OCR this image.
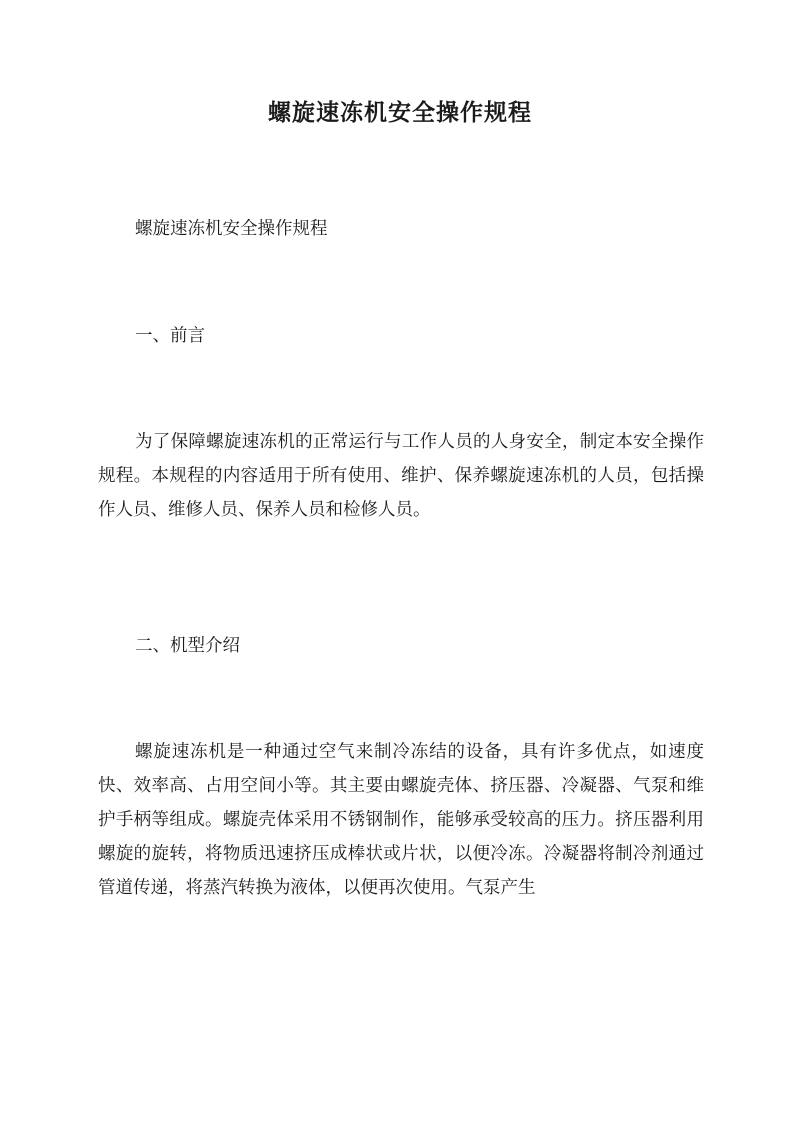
螺旋速冻机安全操作规程

螺旋速冻机安全操作规程

一、前言

为了保障螺旋速冻机的正常运行与工作人员的人身安全，制定本安全操作规程。本规程的内容适用于所有使用、维护、保养螺旋速冻机的人员，包括操作人员、维修人员、保养人员和检修人员。

二、机型介绍

螺旋速冻机是一种通过空气来制冷冻结的设备，具有许多优点，如速度快、效率高、占用空间小等。其主要由螺旋壳体、挤压器、冷凝器、气泵和维护手柄等组成。螺旋壳体采用不锈钢制作，能够承受较高的压力。挤压器利用螺旋的旋转，将物质迅速挤压成棒状或片状，以便冷冻。冷凝器将制冷剂通过管道传递，将蒸汽转换为液体，以便再次使用。气泵产生
